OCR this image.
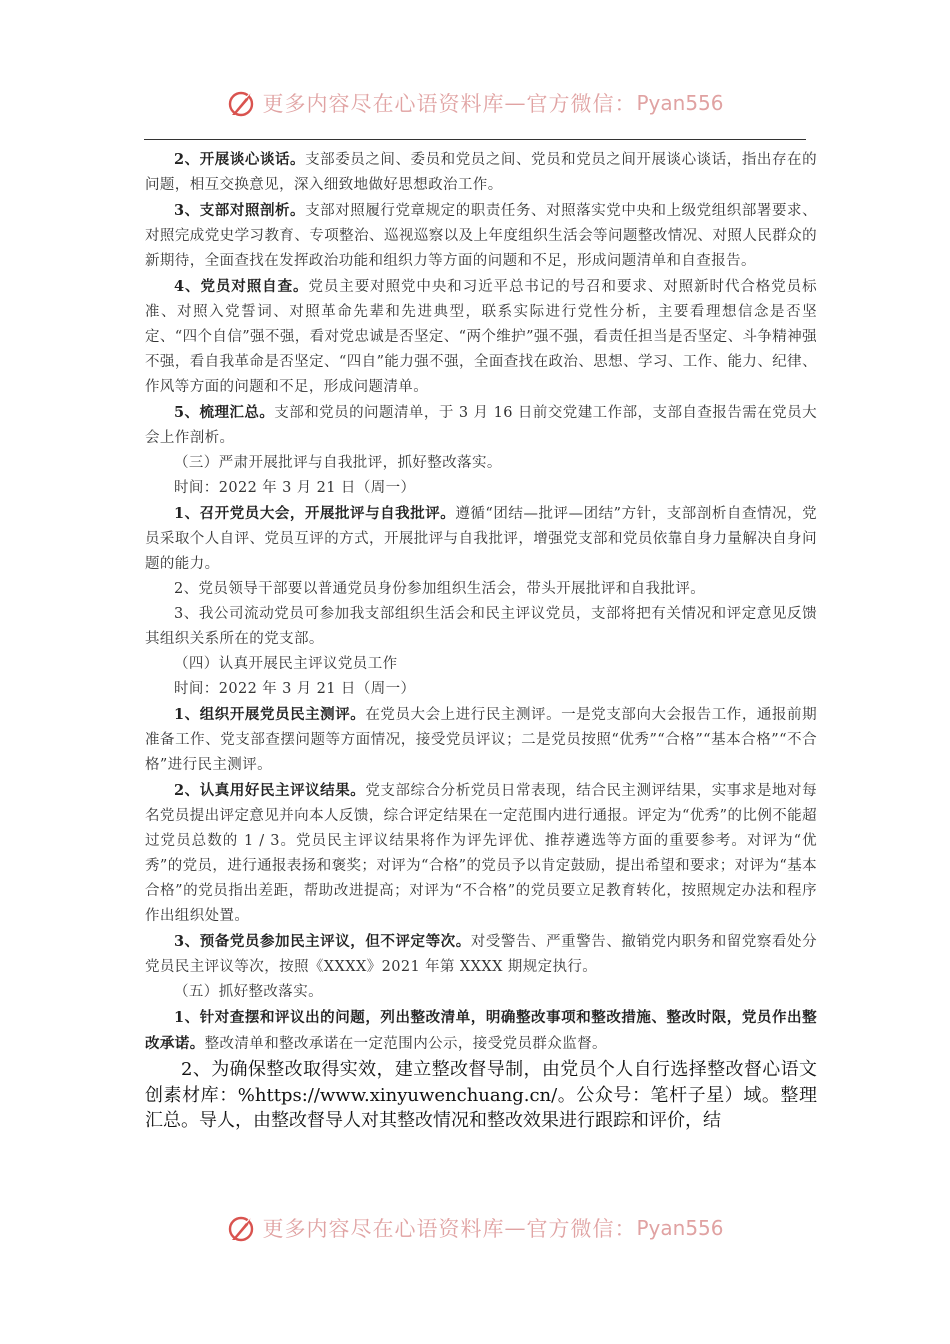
更多内容尽在心语资料库—官方微信：Pyan556

2、开展谈心谈话。支部委员之间、委员和党员之间、党员和党员之间开展谈心谈话，指出存在的问题，相互交换意见，深入细致地做好思想政治工作。

3、支部对照剖析。支部对照履行党章规定的职责任务、对照落实党中央和上级党组织部署要求、对照完成党史学习教育、专项整治、巡视巡察以及上年度组织生活会等问题整改情况、对照人民群众的新期待，全面查找在发挥政治功能和组织力等方面的问题和不足，形成问题清单和自查报告。

4、党员对照自查。党员主要对照党中央和习近平总书记的号召和要求、对照新时代合格党员标准、对照入党誓词、对照革命先辈和先进典型，联系实际进行党性分析，主要看理想信念是否坚定、“四个自信”强不强，看对党忠诚是否坚定、“两个维护”强不强，看责任担当是否坚定、斗争精神强不强，看自我革命是否坚定、“四自”能力强不强，全面查找在政治、思想、学习、工作、能力、纪律、作风等方面的问题和不足，形成问题清单。

5、梳理汇总。支部和党员的问题清单，于 3 月 16 日前交党建工作部，支部自查报告需在党员大会上作剖析。

（三）严肃开展批评与自我批评，抓好整改落实。

时间：2022 年 3 月 21 日（周一）

1、召开党员大会，开展批评与自我批评。遵循“团结—批评—团结”方针，支部剖析自查情况，党员采取个人自评、党员互评的方式，开展批评与自我批评，增强党支部和党员依靠自身力量解决自身问题的能力。

2、党员领导干部要以普通党员身份参加组织生活会，带头开展批评和自我批评。

3、我公司流动党员可参加我支部组织生活会和民主评议党员，支部将把有关情况和评定意见反馈其组织关系所在的党支部。

（四）认真开展民主评议党员工作

时间：2022 年 3 月 21 日（周一）

1、组织开展党员民主测评。在党员大会上进行民主测评。一是党支部向大会报告工作，通报前期准备工作、党支部查摆问题等方面情况，接受党员评议；二是党员按照“优秀”“合格”“基本合格”“不合格”进行民主测评。

2、认真用好民主评议结果。党支部综合分析党员日常表现，结合民主测评结果，实事求是地对每名党员提出评定意见并向本人反馈，综合评定结果在一定范围内进行通报。评定为“优秀”的比例不能超过党员总数的 1 / 3。党员民主评议结果将作为评先评优、推荐遴选等方面的重要参考。对评为“优秀”的党员，进行通报表扬和褒奖；对评为“合格”的党员予以肯定鼓励，提出希望和要求；对评为“基本合格”的党员指出差距，帮助改进提高；对评为“不合格”的党员要立足教育转化，按照规定办法和程序作出组织处置。

3、预备党员参加民主评议，但不评定等次。对受警告、严重警告、撤销党内职务和留党察看处分党员民主评议等次，按照《XXXX》2021 年第 XXXX 期规定执行。

（五）抓好整改落实。

1、针对查摆和评议出的问题，列出整改清单，明确整改事项和整改措施、整改时限，党员作出整改承诺。整改清单和整改承诺在一定范围内公示，接受党员群众监督。

2、为确保整改取得实效，建立整改督导制，由党员个人自行选择整改督心语文创素材库：%https://www.xinyuwenchuang.cn/。公众号：笔杆子星）域。整理汇总。导人，由整改督导人对其整改情况和整改效果进行跟踪和评价，结

更多内容尽在心语资料库—官方微信：Pyan556
